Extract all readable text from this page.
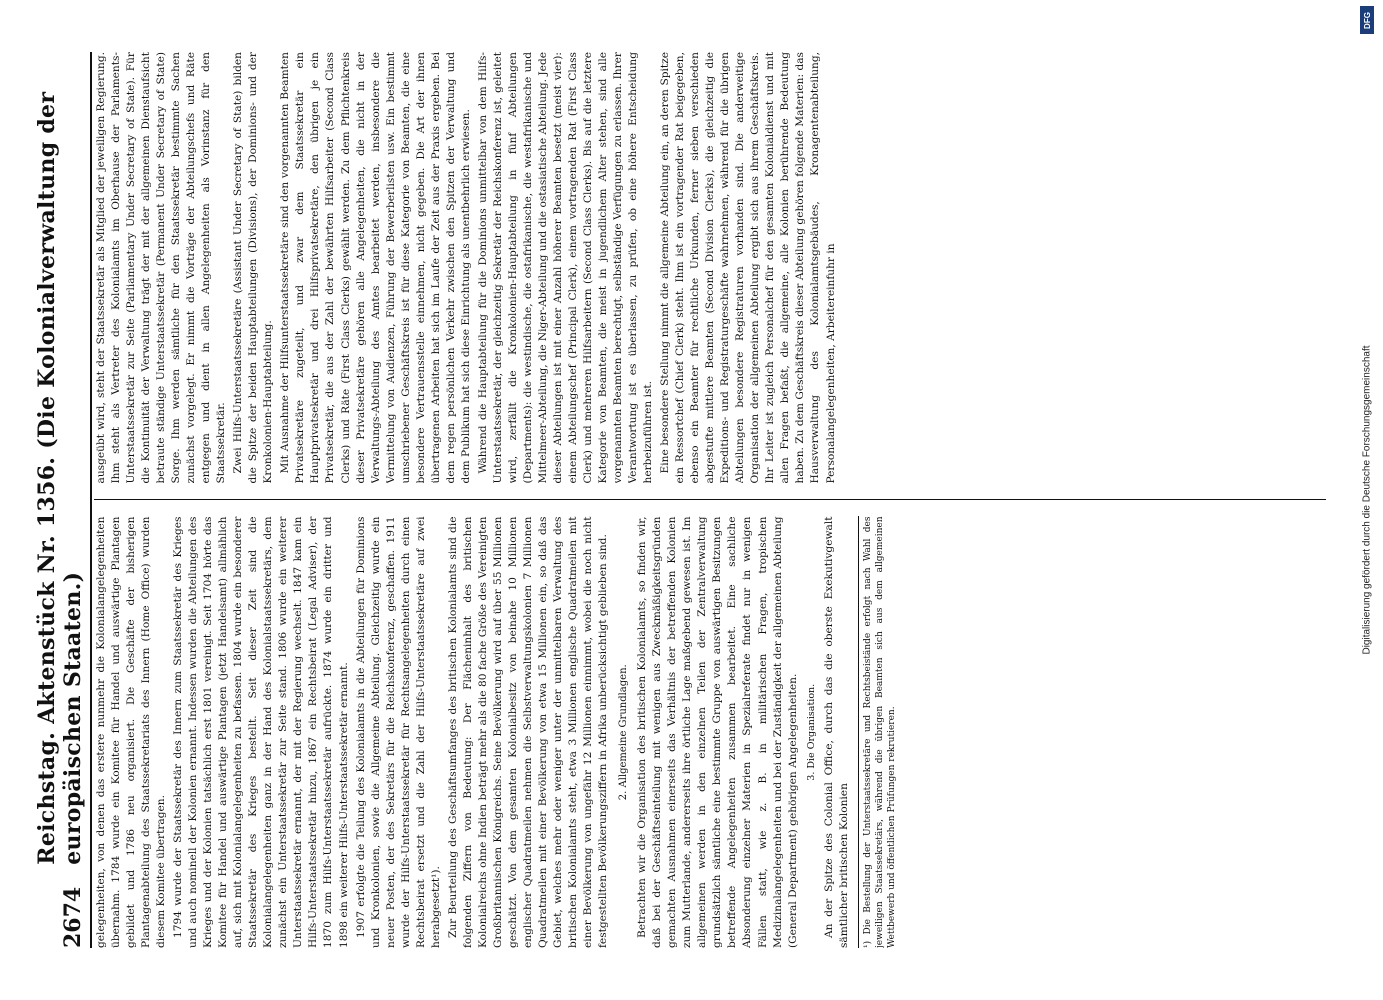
2674
Reichstag. Aktenstück Nr. 1356. (Die Kolonialverwaltung der europäischen Staaten.) gelegenheiten, von denen das erstere nunmehr die Kolonialangelegenheiten übernahm. 1784 wurde ein Komitee für Handel und auswärtige Plantagen gebildet und 1786 neu organisiert. Die Geschäfte der bisherigen Plantagenabteilung des Staatssekretariats des Innern (Home Office) wurden diesem Komitee übertragen. 1794 wurde der Staatssekretär des Innern zum Staatssekretär des Krieges und auch nominell der Kolonien ernannt. Indessen wurden die Abteilungen des Krieges und der Kolonien tatsächlich erst 1801 vereinigt. Seit 1704 hörte das Komitee für Handel und auswärtige Plantagen (jetzt Handelsamt) allmählich auf, sich mit Kolonialangelegenheiten zu befassen. 1804 wurde ein besonderer Staatssekretär des Krieges bestellt. Seit dieser Zeit sind die Kolonialangelegenheiten ganz in der Hand des Kolonialstaatssekretärs, dem zunächst ein Unterstaatssekretär zur Seite stand. 1806 wurde ein weiterer Unterstaatssekretär ernannt, der mit der Regierung wechselt. 1847 kam ein Hilfs-Unterstaatssekretär hinzu, 1867 ein Rechtsbeirat (Legal Adviser), der 1870 zum Hilfs-Unterstaatssekretär aufrückte. 1874 wurde ein dritter und 1898 ein weiterer Hilfs-Unterstaatssekretär ernannt. 1907 erfolgte die Teilung des Kolonialamts in die Abteilungen für Dominions und Kronkolonien, sowie die Allgemeine Abteilung. Gleichzeitig wurde ein neuer Posten, der des Sekretärs für die Reichskonferenz, geschaffen. 1911 wurde der Hilfs-Unterstaatssekretär für Rechtsangelegenheiten durch einen Rechtsbeirat ersetzt und die Zahl der Hilfs-Unterstaatssekretäre auf zwei herabgesetzt¹). Zur Beurteilung des Geschäftsumfanges des britischen Kolonialamts sind die folgenden Ziffern von Bedeutung: Der Flächeninhalt des britischen Kolonialreichs ohne Indien beträgt mehr als die 80 fache Größe des Vereinigten Großbritannischen Königreichs. Seine Bevölkerung wird auf über 55 Millionen geschätzt. Von dem gesamten Kolonialbesitz von beinahe 10 Millionen englischer Quadratmeilen nehmen die Selbstverwaltungskolonien 7 Millionen Quadratmeilen mit einer Bevölkerung von etwa 15 Millionen ein, so daß das Gebiet, welches mehr oder weniger unter der unmittelbaren Verwaltung des britischen Kolonialamts steht, etwa 3 Millionen englische Quadratmeilen mit einer Bevölkerung von ungefähr 12 Millionen einnimmt, wobei die noch nicht festgestellten Bevölkerungsziffern in Afrika unberücksichtigt geblieben sind. 2. Allgemeine Grundlagen. Betrachten wir die Organisation des britischen Kolonialamts, so finden wir, daß bei der Geschäftseinteilung mit wenigen aus Zweckmäßigkeitsgründen gemachten Ausnahmen einerseits das Verhältnis der betreffenden Kolonien zum Mutterlande, andererseits ihre örtliche Lage maßgebend gewesen ist. Im allgemeinen werden in den einzelnen Teilen der Zentralverwaltung grundsätzlich sämtliche eine bestimmte Gruppe von auswärtigen Besitzungen betreffende Angelegenheiten zusammen bearbeitet. Eine sachliche Absonderung einzelner Materien in Spezialreferate findet nur in wenigen Fällen statt, wie z. B. in militärischen Fragen, tropischen Medizinalangelegenheiten und bei der Zuständigkeit der allgemeinen Abteilung (General Department) gehörigen Angelegenheiten. 3. Die Organisation. An der Spitze des Colonial Office, durch das die oberste Exekutivgewalt sämtlicher britischen Kolonien ¹) Die Bestellung der Unterstaatssekretäre und Rechtsbeistände erfolgt nach Wahl des jeweiligen Staatssekretärs, während die übrigen Beamten sich aus dem allgemeinen Wettbewerb und öffentlichen Prüfungen rekrutieren.

ausgeübt wird, steht der Staatssekretär als Mitglied der jeweiligen Regierung. Ihm steht als Vertreter des Kolonialamts im Oberhause der Parlaments-Unterstaatssekretär zur Seite (Parliamentary Under Secretary of State). Für die Kontinuität der Verwaltung trägt der mit der allgemeinen Dienstaufsicht betraute ständige Unterstaatssekretär (Permanent Under Secretary of State) Sorge. Ihm werden sämtliche für den Staatssekretär bestimmte Sachen zunächst vorgelegt. Er nimmt die Vorträge der Abteilungschefs und Räte entgegen und dient in allen Angelegenheiten als Vorinstanz für den Staatssekretär. Zwei Hilfs-Unterstaatssekretäre (Assistant Under Secretary of State) bilden die Spitze der beiden Hauptabteilungen (Divisions), der Dominions- und der Kronkolonien-Hauptabteilung. Mit Ausnahme der Hilfsunterstaatssekretäre sind den vorgenannten Beamten Privatsekretäre zugeteilt, und zwar dem Staatssekretär ein Hauptprivatsekretär und drei Hilfsprivatsekretäre, den übrigen je ein Privatsekretär, die aus der Zahl der bewährten Hilfsarbeiter (Second Class Clerks) und Räte (First Class Clerks) gewählt werden. Zu dem Pflichtenkreis dieser Privatsekretäre gehören alle Angelegenheiten, die nicht in der Verwaltungs-Abteilung des Amtes bearbeitet werden, insbesondere die Vermittelung von Audienzen, Führung der Bewerberlisten usw. Ein bestimmt umschriebener Geschäftskreis ist für diese Kategorie von Beamten, die eine besondere Vertrauensstelle einnehmen, nicht gegeben. Die Art der ihnen übertragenen Arbeiten hat sich im Laufe der Zeit aus der Praxis ergeben. Bei dem regen persönlichen Verkehr zwischen den Spitzen der Verwaltung und dem Publikum hat sich diese Einrichtung als unentbehrlich erwiesen. Während die Hauptabteilung für die Dominions unmittelbar von dem Hilfs-Unterstaatssekretär, der gleichzeitig Sekretär der Reichskonferenz ist, geleitet wird, zerfällt die Kronkolonien-Hauptabteilung in fünf Abteilungen (Departments): die westindische, die ostafrikanische, die westafrikanische und Mittelmeer-Abteilung, die Niger-Abteilung und die ostasiatische Abteilung. Jede dieser Abteilungen ist mit einer Anzahl höherer Beamten besetzt (meist vier): einem Abteilungschef (Principal Clerk), einem vortragenden Rat (First Class Clerk) und mehreren Hilfsarbeitern (Second Class Clerks). Bis auf die letztere Kategorie von Beamten, die meist in jugendlichem Alter stehen, sind alle vorgenannten Beamten berechtigt, selbständige Verfügungen zu erlassen. Ihrer Verantwortung ist es überlassen, zu prüfen, ob eine höhere Entscheidung herbeizuführen ist. Eine besondere Stellung nimmt die allgemeine Abteilung ein, an deren Spitze ein Ressortchef (Chief Clerk) steht. Ihm ist ein vortragender Rat beigegeben, ebenso ein Beamter für rechtliche Urkunden, ferner sieben verschieden abgestufte mittlere Beamten (Second Division Clerks), die gleichzeitig die Expeditions- und Registraturgeschäfte wahrnehmen, während für die übrigen Abteilungen besondere Registraturen vorhanden sind. Die anderweitige Organisation der allgemeinen Abteilung ergibt sich aus ihrem Geschäftskreis. Ihr Leiter ist zugleich Personalchef für den gesamten Kolonialdienst und mit allen Fragen befaßt, die allgemeine, alle Kolonien berührende Bedeutung haben. Zu dem Geschäftskreis dieser Abteilung gehören folgende Materien: das Hausverwaltung des Kolonialamtsgebäudes, Kronagentenabteilung, Personalangelegenheiten, Arbeitereinfuhr in

DFG
Digitalisierung gefördert durch die Deutsche Forschungsgemeinschaft
